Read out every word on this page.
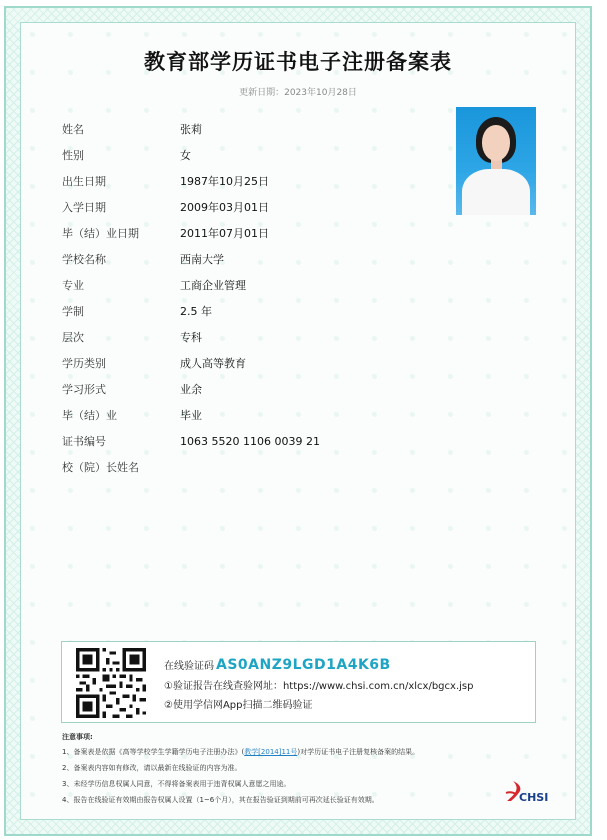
教育部学历证书电子注册备案表
更新日期：2023年10月28日
姓名	张莉
性别	女
出生日期	1987年10月25日
入学日期	2009年03月01日
毕（结）业日期	2011年07月01日
学校名称	西南大学
专业	工商企业管理
学制	2.5 年
层次	专科
学历类别	成人高等教育
学习形式	业余
毕（结）业	毕业
证书编号	1063 5520 1106 0039 21
校（院）长姓名
在线验证码 AS0ANZ9LGD1A4K6B
①验证报告在线查验网址：https://www.chsi.com.cn/xlcx/bgcx.jsp
②使用学信网App扫描二维码验证
注意事项:
1、备案表是依据《高等学校学生学籍学历电子注册办法》(教学[2014]11号)对学历证书电子注册复核备案的结果。
2、备案表内容如有修改，请以最新在线验证的内容为准。
3、未经学历信息权属人同意，不得将备案表用于违背权属人意愿之用途。
4、报告在线验证有效期由报告权属人设置（1~6个月），其在报告验证到期前可再次延长验证有效期。	CHSI
